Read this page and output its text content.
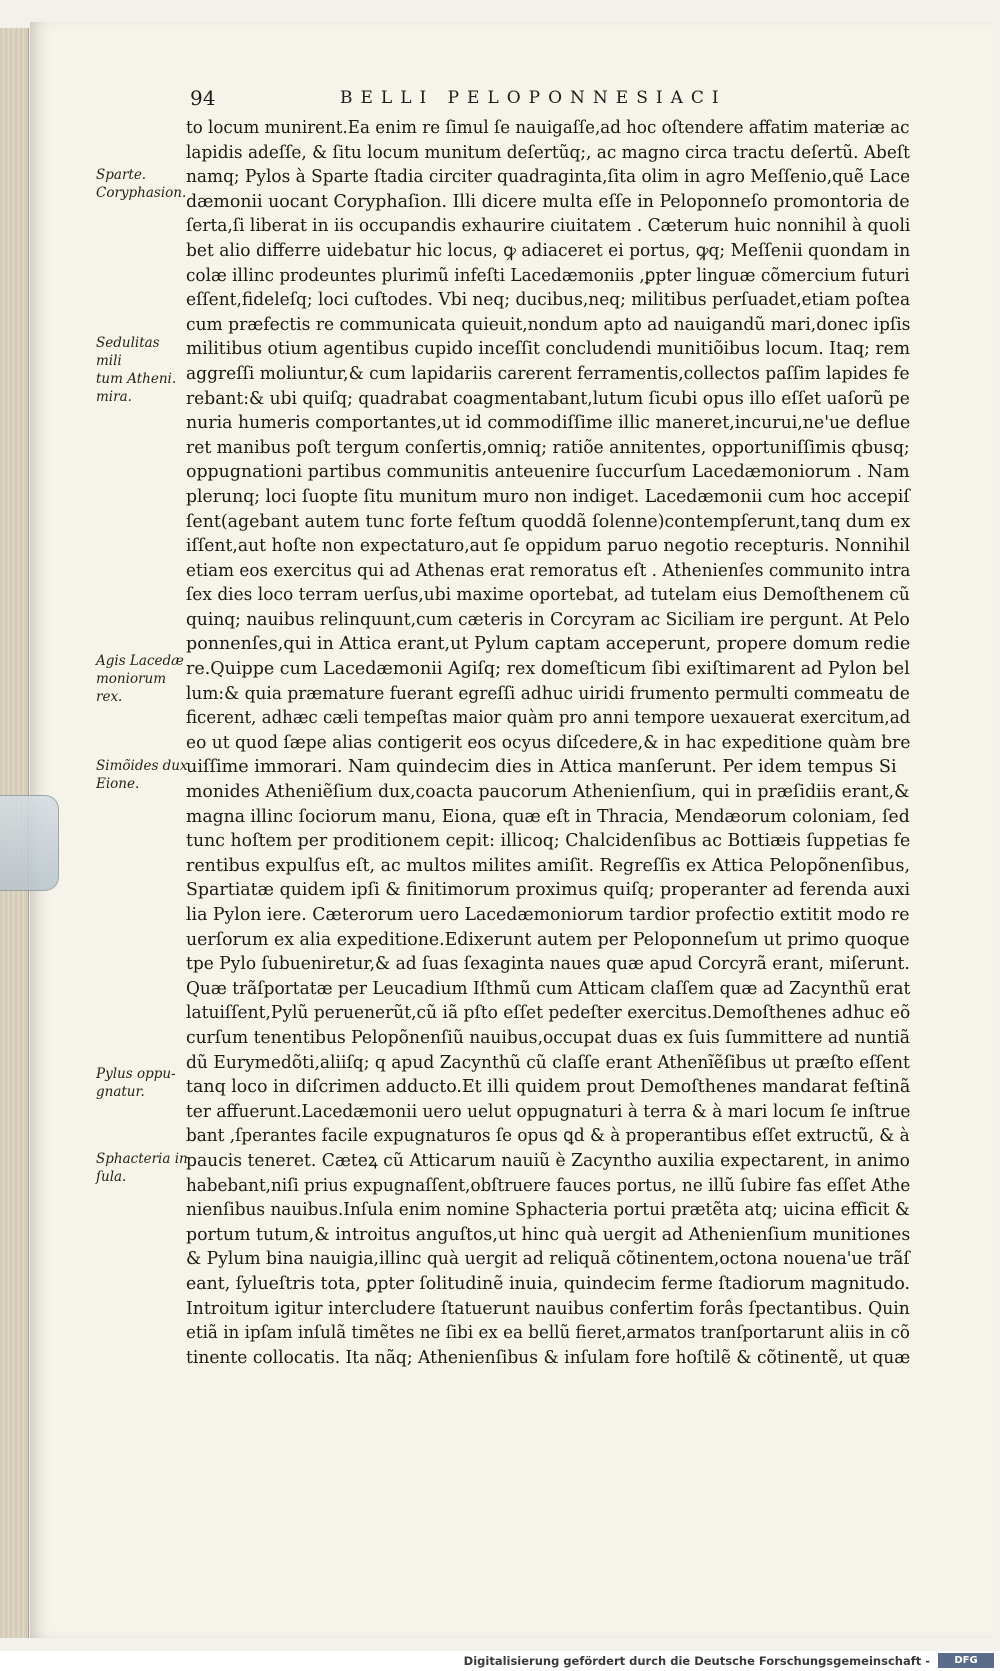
94	BELLI PELOPONNESIACI
Sparte.
Coryphasion.
Sedulitas mili
tum Atheni.
mira.
Agis Lacedæ
moniorum
rex.
Simõides dux
Eione.
Pylus oppu-
gnatur.
Sphacteria in
ſula.
to locum munirent.Ea enim re ſimul ſe nauigaſſe,ad hoc oſtendere affatim materiæ ac
lapidis adeſſe, & ſitu locum munitum deſertũq;, ac magno circa tractu deſertũ. Abeſt
namq; Pylos à Sparte ſtadia circiter quadraginta,ſita olim in agro Meſſenio,quẽ Lace
dæmonii uocant Coryphaſion. Illi dicere multa eſſe in Peloponneſo promontoria de
ſerta,ſi liberat in iis occupandis exhaurire ciuitatem . Cæterum huic nonnihil à quoli
bet alio differre uidebatur hic locus, ꝙ adiaceret ei portus, ꝙq; Meſſenii quondam in
colæ illinc prodeuntes plurimũ infeſti Lacedæmoniis ,ꝑpter linguæ cõmercium futuri
eſſent,fideleſq; loci cuſtodes. Vbi neq; ducibus,neq; militibus perſuadet,etiam poſtea
cum præfectis re communicata quieuit,nondum apto ad nauigandũ mari,donec ipſis
militibus otium agentibus cupido inceſſit concludendi munitiõibus locum. Itaq; rem
aggreſſi moliuntur,& cum lapidariis carerent ferramentis,collectos paſſim lapides fe
rebant:& ubi quiſq; quadrabat coagmentabant,lutum ſicubi opus illo eſſet uaſorũ pe
nuria humeris comportantes,ut id commodiſſime illic maneret,incurui,ne'ue deflue
ret manibus poſt tergum conſertis,omniq; ratiõe annitentes, opportuniſſimis qbusq;
oppugnationi partibus communitis anteuenire ſuccurſum Lacedæmoniorum . Nam
plerunq; loci ſuopte ſitu munitum muro non indiget. Lacedæmonii cum hoc accepiſ
ſent(agebant autem tunc forte feſtum quoddã ſolenne)contempſerunt,tanq dum ex
iſſent,aut hoſte non expectaturo,aut ſe oppidum paruo negotio recepturis. Nonnihil
etiam eos exercitus qui ad Athenas erat remoratus eſt . Athenienſes communito intra
ſex dies loco terram uerſus,ubi maxime oportebat, ad tutelam eius Demoſthenem cũ
quinq; nauibus relinquunt,cum cæteris in Corcyram ac Siciliam ire pergunt. At Pelo
ponnenſes,qui in Attica erant,ut Pylum captam acceperunt, propere domum redie
re.Quippe cum Lacedæmonii Agiſq; rex domeſticum ſibi exiſtimarent ad Pylon bel
lum:& quia præmature fuerant egreſſi adhuc uiridi frumento permulti commeatu de
ficerent, adhæc cæli tempeſtas maior quàm pro anni tempore uexauerat exercitum,ad
eo ut quod ſæpe alias contigerit eos ocyus diſcedere,& in hac expeditione quàm bre
uiſſime immorari. Nam quindecim dies in Attica manſerunt. Per idem tempus Si
monides Atheniẽſium dux,coacta paucorum Athenienſium, qui in præſidiis erant,&
magna illinc ſociorum manu, Eiona, quæ eſt in Thracia, Mendæorum coloniam, ſed
tunc hoſtem per proditionem cepit: illicoq; Chalcidenſibus ac Bottiæis ſuppetias fe
rentibus expulſus eſt, ac multos milites amiſit. Regreſſis ex Attica Pelopõnenſibus,
Spartiatæ quidem ipſi & finitimorum proximus quiſq; properanter ad ferenda auxi
lia Pylon iere. Cæterorum uero Lacedæmoniorum tardior profectio extitit modo re
uerſorum ex alia expeditione.Edixerunt autem per Peloponneſum ut primo quoque
tpe Pylo ſubueniretur,& ad ſuas ſexaginta naues quæ apud Corcyrã erant, miſerunt.
Quæ trãſportatæ per Leucadium Iſthmũ cum Atticam claſſem quæ ad Zacynthũ erat
latuiſſent,Pylũ peruenerũt,cũ iã pſto eſſet pedeſter exercitus.Demoſthenes adhuc eõ
curſum tenentibus Pelopõnenſiũ nauibus,occupat duas ex ſuis ſummittere ad nuntiã
dũ Eurymedõti,aliiſq; q apud Zacynthũ cũ claſſe erant Athenĩẽſibus ut præſto eſſent
tanq loco in diſcrimen adducto.Et illi quidem prout Demoſthenes mandarat feſtinã
ter affuerunt.Lacedæmonii uero uelut oppugnaturi à terra & à mari locum ſe inſtrue
bant ,ſperantes facile expugnaturos ſe opus ꝗd & à properantibus eſſet extructũ, & à
paucis teneret. Cæteꝝ cũ Atticarum nauiũ è Zacyntho auxilia expectarent, in animo
habebant,niſi prius expugnaſſent,obſtruere fauces portus, ne illũ ſubire fas eſſet Athe
nienſibus nauibus.Inſula enim nomine Sphacteria portui prætẽta atq; uicina efficit &
portum tutum,& introitus anguſtos,ut hinc quà uergit ad Athenienſium munitiones
& Pylum bina nauigia,illinc quà uergit ad reliquã cõtinentem,octona nouena'ue trãſ
eant, ſylueſtris tota, ꝑpter ſolitudinẽ inuia, quindecim ferme ſtadiorum magnitudo.
Introitum igitur intercludere ſtatuerunt nauibus confertim forâs ſpectantibus. Quin
etiã in ipſam inſulã timẽtes ne ſibi ex ea bellũ fieret,armatos tranſportarunt aliis in cõ
tinente collocatis. Ita nãq; Athenienſibus & inſulam fore hoſtilẽ & cõtinentẽ, ut quæ
Digitalisierung gefördert durch die Deutsche Forschungsgemeinschaft -	DFG
